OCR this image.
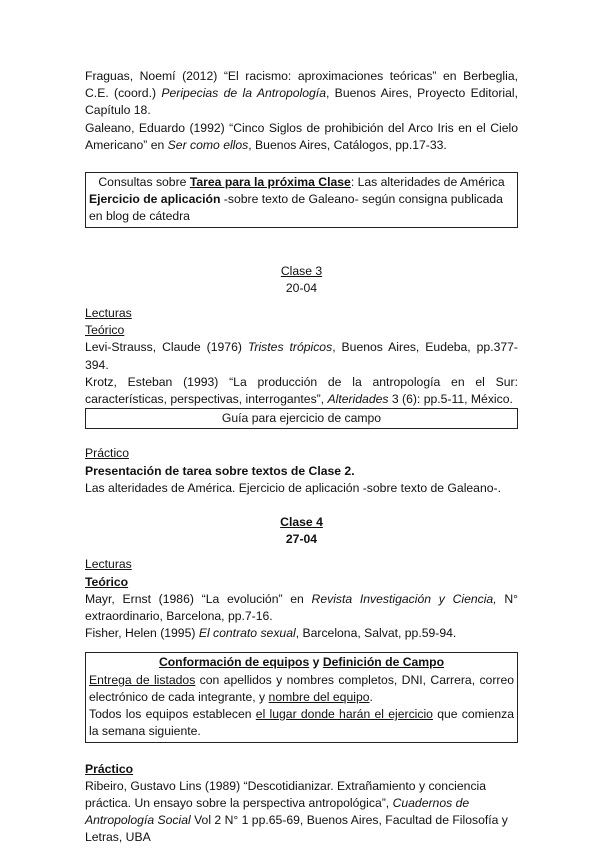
Fraguas, Noemí (2012) “El racismo: aproximaciones teóricas” en Berbeglia, C.E. (coord.) Peripecias de la Antropología, Buenos Aires, Proyecto Editorial, Capítulo 18.

Galeano, Eduardo (1992) “Cinco Siglos de prohibición del Arco Iris en el Cielo Americano” en Ser como ellos, Buenos Aires, Catálogos, pp.17-33.

Consultas sobre Tarea para la próxima Clase: Las alteridades de América

Ejercicio de aplicación -sobre texto de Galeano- según consigna publicada en blog de cátedra

Clase 3

20-04

Lecturas

Teórico

Levi-Strauss, Claude (1976) Tristes trópicos, Buenos Aires, Eudeba, pp.377-394.

Krotz, Esteban (1993) “La producción de la antropología en el Sur: características, perspectivas, interrogantes”, Alteridades 3 (6): pp.5-11, México.

Guía para ejercicio de campo

Práctico

Presentación de tarea sobre textos de Clase 2.

Las alteridades de América. Ejercicio de aplicación -sobre texto de Galeano-.

Clase 4

27-04

Lecturas

Teórico

Mayr, Ernst (1986) “La evolución” en Revista Investigación y Ciencia, N° extraordinario, Barcelona, pp.7-16.

Fisher, Helen (1995) El contrato sexual, Barcelona, Salvat, pp.59-94.

Conformación de equipos y Definición de Campo

Entrega de listados con apellidos y nombres completos, DNI, Carrera, correo electrónico de cada integrante, y nombre del equipo.

Todos los equipos establecen el lugar donde harán el ejercicio que comienza la semana siguiente.

Práctico

Ribeiro, Gustavo Lins (1989) “Descotidianizar. Extrañamiento y conciencia práctica. Un ensayo sobre la perspectiva antropológica”, Cuadernos de Antropología Social Vol 2 N° 1 pp.65-69, Buenos Aires, Facultad de Filosofía y Letras, UBA
